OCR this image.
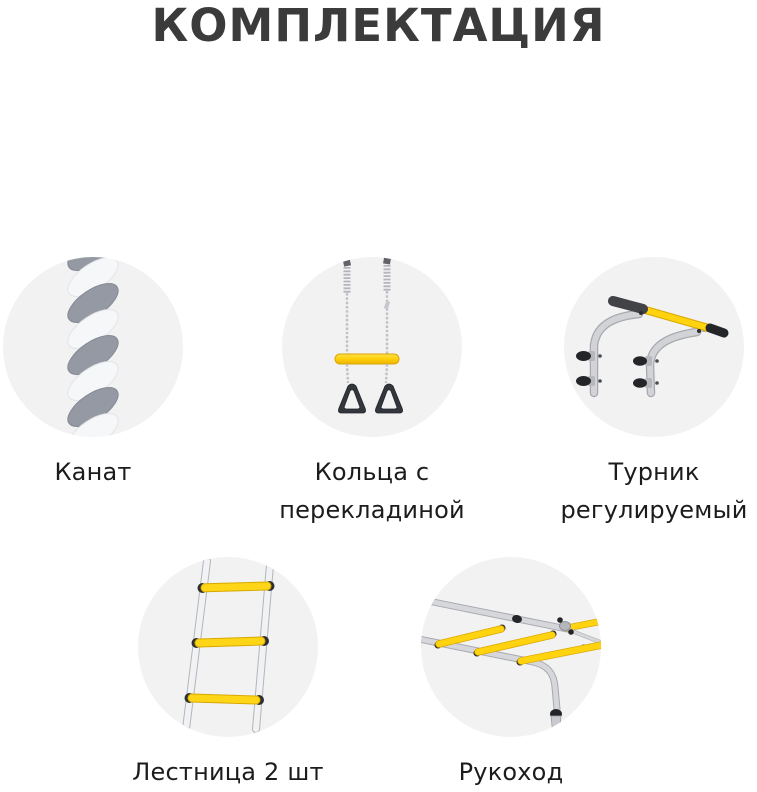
КОМПЛЕКТАЦИЯ
Канат	Кольца с
перекладиной
Турник
регулируемый
Лестница 2 шт	Рукоход
